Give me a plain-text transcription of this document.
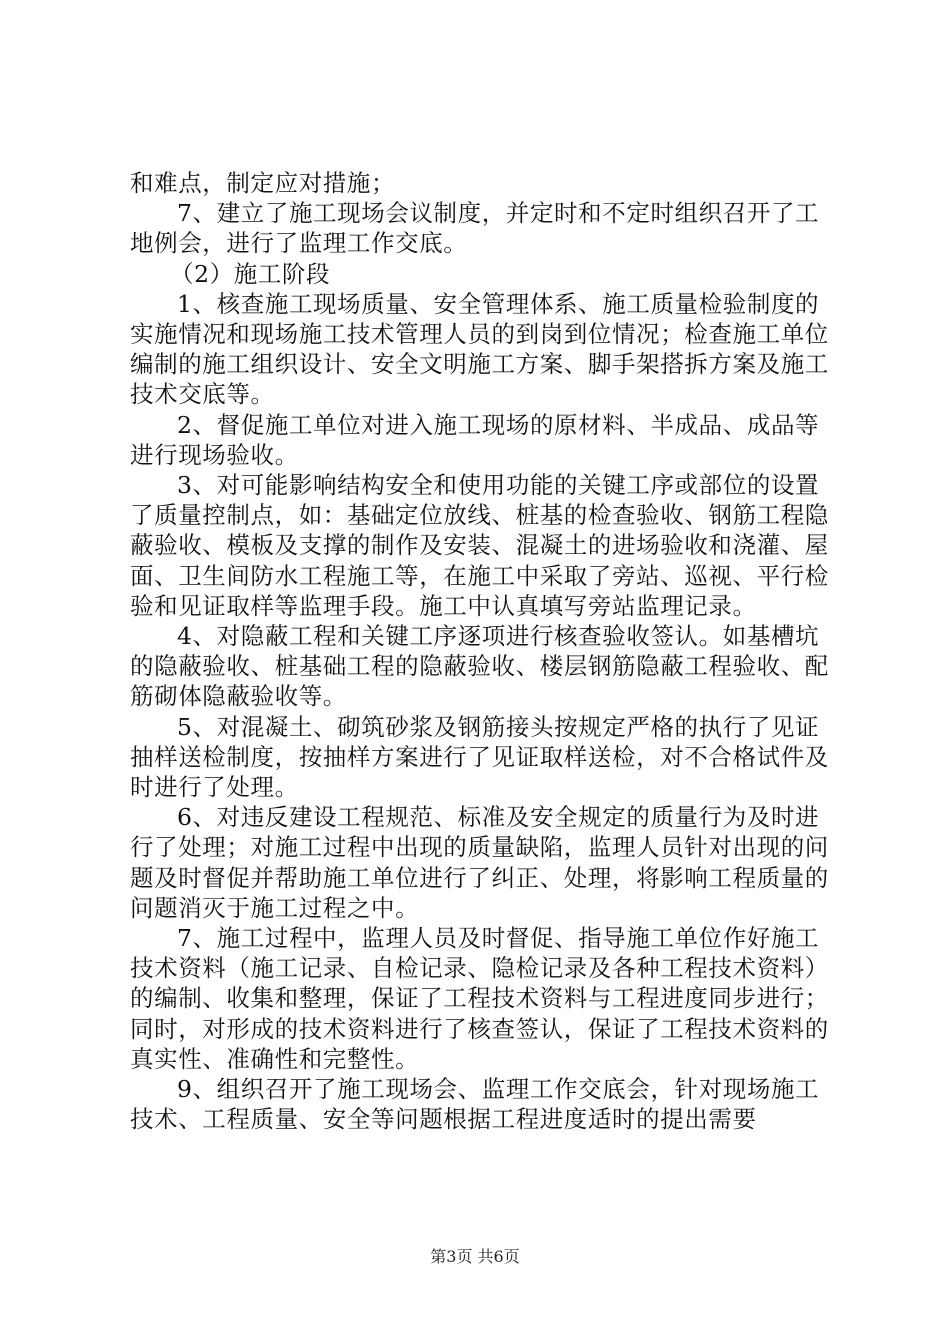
和难点，制定应对措施；

7、建立了施工现场会议制度，并定时和不定时组织召开了工地例会，进行了监理工作交底。

（2）施工阶段

1、核查施工现场质量、安全管理体系、施工质量检验制度的实施情况和现场施工技术管理人员的到岗到位情况；检查施工单位编制的施工组织设计、安全文明施工方案、脚手架搭拆方案及施工技术交底等。

2、督促施工单位对进入施工现场的原材料、半成品、成品等进行现场验收。

3、对可能影响结构安全和使用功能的关键工序或部位的设置了质量控制点，如：基础定位放线、桩基的检查验收、钢筋工程隐蔽验收、模板及支撑的制作及安装、混凝土的进场验收和浇灌、屋面、卫生间防水工程施工等，在施工中采取了旁站、巡视、平行检验和见证取样等监理手段。施工中认真填写旁站监理记录。

4、对隐蔽工程和关键工序逐项进行核查验收签认。如基槽坑的隐蔽验收、桩基础工程的隐蔽验收、楼层钢筋隐蔽工程验收、配筋砌体隐蔽验收等。

5、对混凝土、砌筑砂浆及钢筋接头按规定严格的执行了见证抽样送检制度，按抽样方案进行了见证取样送检，对不合格试件及时进行了处理。

6、对违反建设工程规范、标准及安全规定的质量行为及时进行了处理；对施工过程中出现的质量缺陷，监理人员针对出现的问题及时督促并帮助施工单位进行了纠正、处理，将影响工程质量的问题消灭于施工过程之中。

7、施工过程中，监理人员及时督促、指导施工单位作好施工技术资料（施工记录、自检记录、隐检记录及各种工程技术资料）的编制、收集和整理，保证了工程技术资料与工程进度同步进行；同时，对形成的技术资料进行了核查签认，保证了工程技术资料的真实性、准确性和完整性。

9、组织召开了施工现场会、监理工作交底会，针对现场施工技术、工程质量、安全等问题根据工程进度适时的提出需要

第3页 共6页
